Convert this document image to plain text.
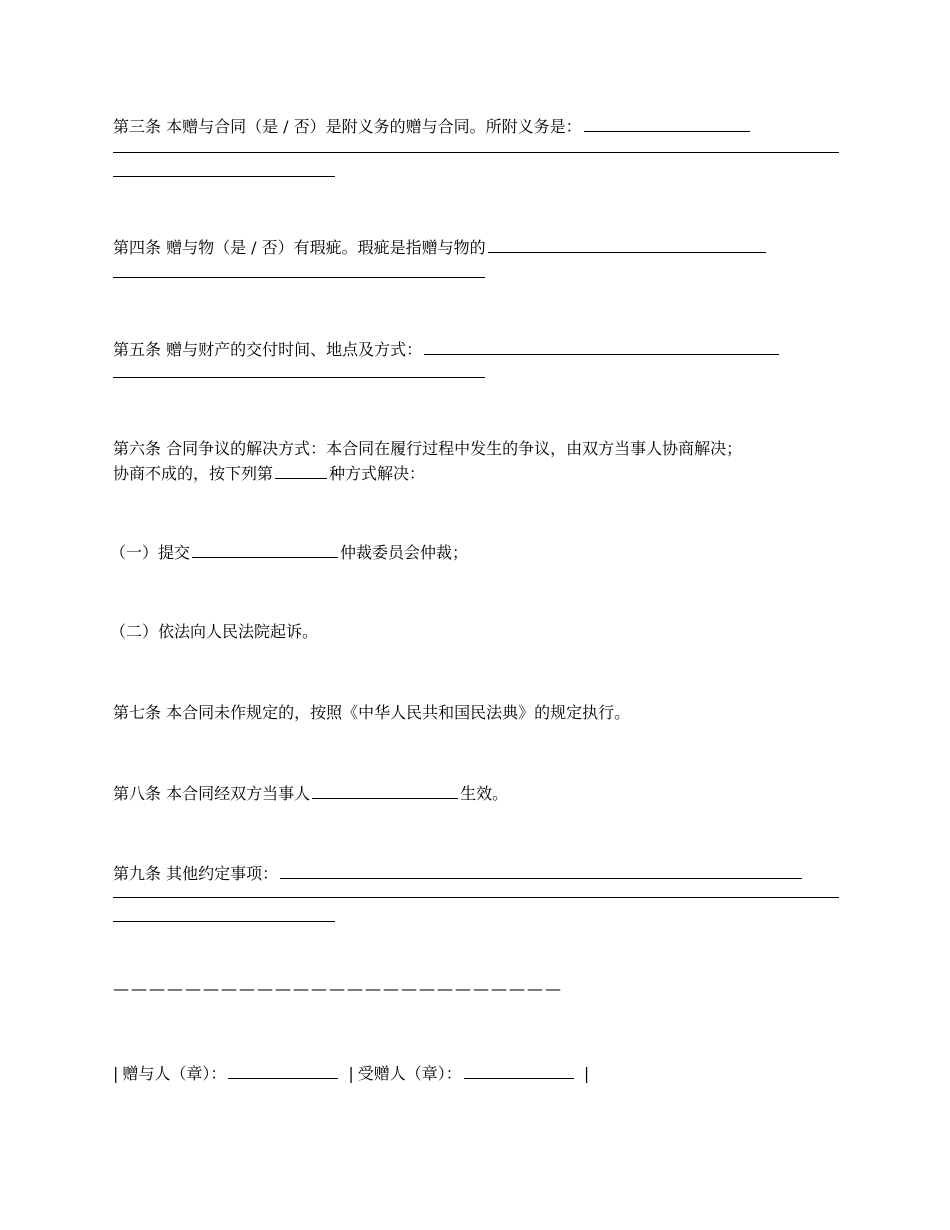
第三条 本赠与合同（是 / 否）是附义务的赠与合同。所附义务是：
第四条 赠与物（是 / 否）有瑕疵。瑕疵是指赠与物的
第五条 赠与财产的交付时间、地点及方式：
第六条 合同争议的解决方式：本合同在履行过程中发生的争议，由双方当事人协商解决；
协商不成的，按下列第	种方式解决：
（一）提交	仲裁委员会仲裁；
（二）依法向人民法院起诉。
第七条 本合同未作规定的，按照《中华人民共和国民法典》的规定执行。
第八条 本合同经双方当事人	生效。
第九条 其他约定事项：
—————————————————————————
| 赠与人（章）：	| 受赠人（章）：	|
